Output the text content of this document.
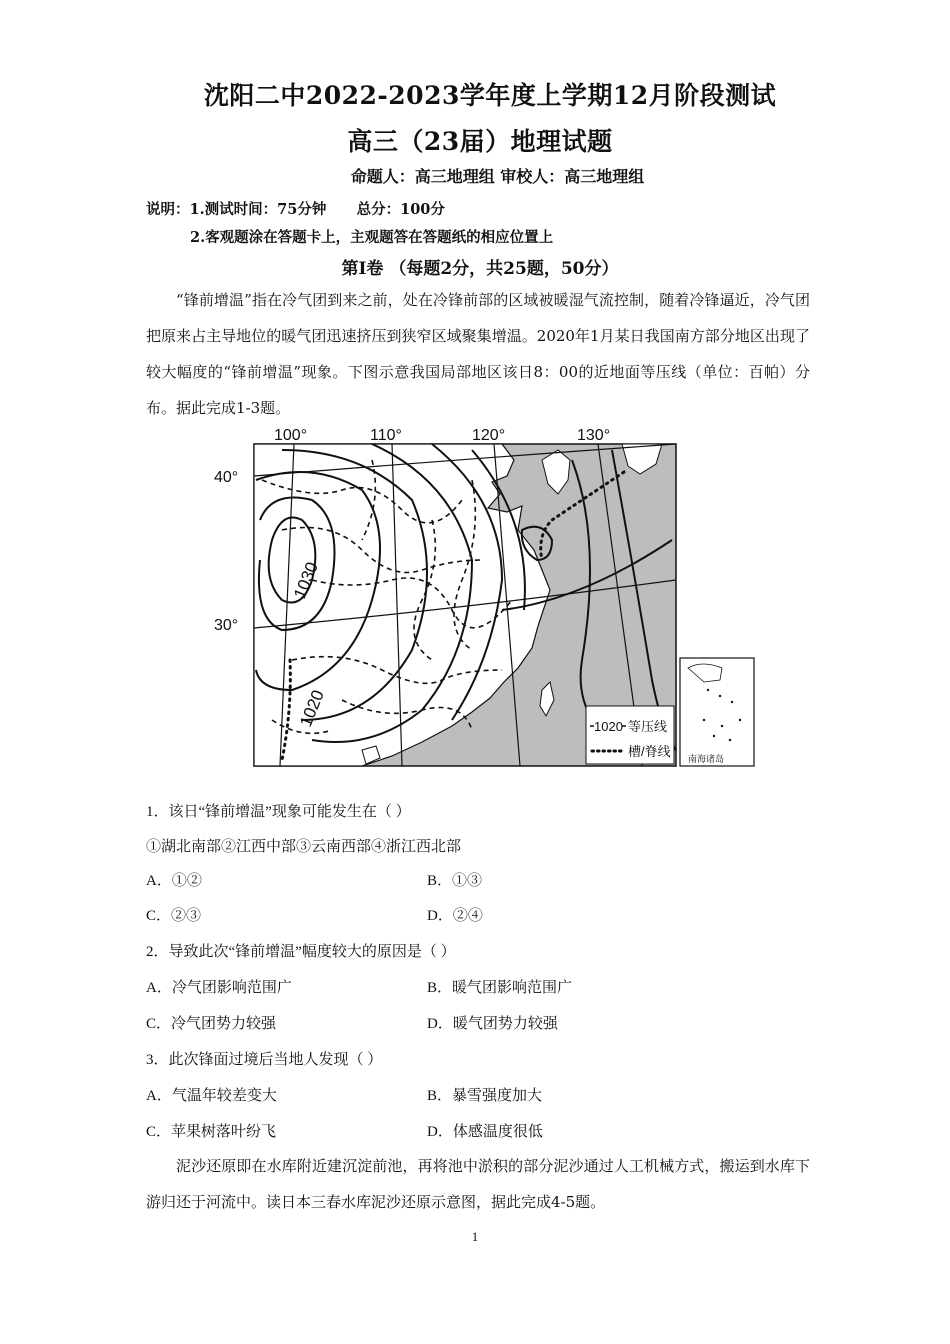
沈阳二中2022-2023学年度上学期12月阶段测试
高三（23届）地理试题
命题人：高三地理组 审校人：高三地理组
说明：1.测试时间：75分钟      总分：100分
2.客观题涂在答题卡上，主观题答在答题纸的相应位置上
第Ⅰ卷 （每题2分，共25题，50分）
“锋前增温”指在冷气团到来之前，处在冷锋前部的区域被暖湿气流控制，随着冷锋逼近，冷气团把原来占主导地位的暖气团迅速挤压到狭窄区域聚集增温。2020年1月某日我国南方部分地区出现了较大幅度的“锋前增温”现象。下图示意我国局部地区该日8：00的近地面等压线（单位：百帕）分布。据此完成1-3题。
100°	110°	120°	130°
40°
30°
1030
1020	1020 等压线
槽/脊线 南海诸岛
1．该日“锋前增温”现象可能发生在（ ）
①湖北南部②江西中部③云南西部④浙江西北部
A．①②	B．①③
C．②③	D．②④
2．导致此次“锋前增温”幅度较大的原因是（ ）
A．冷气团影响范围广	B．暖气团影响范围广
C．冷气团势力较强	D．暖气团势力较强
3．此次锋面过境后当地人发现（ ）
A．气温年较差变大	B．暴雪强度加大
C．苹果树落叶纷飞	D．体感温度很低
泥沙还原即在水库附近建沉淀前池，再将池中淤积的部分泥沙通过人工机械方式，搬运到水库下游归还于河流中。读日本三春水库泥沙还原示意图，据此完成4-5题。
1
